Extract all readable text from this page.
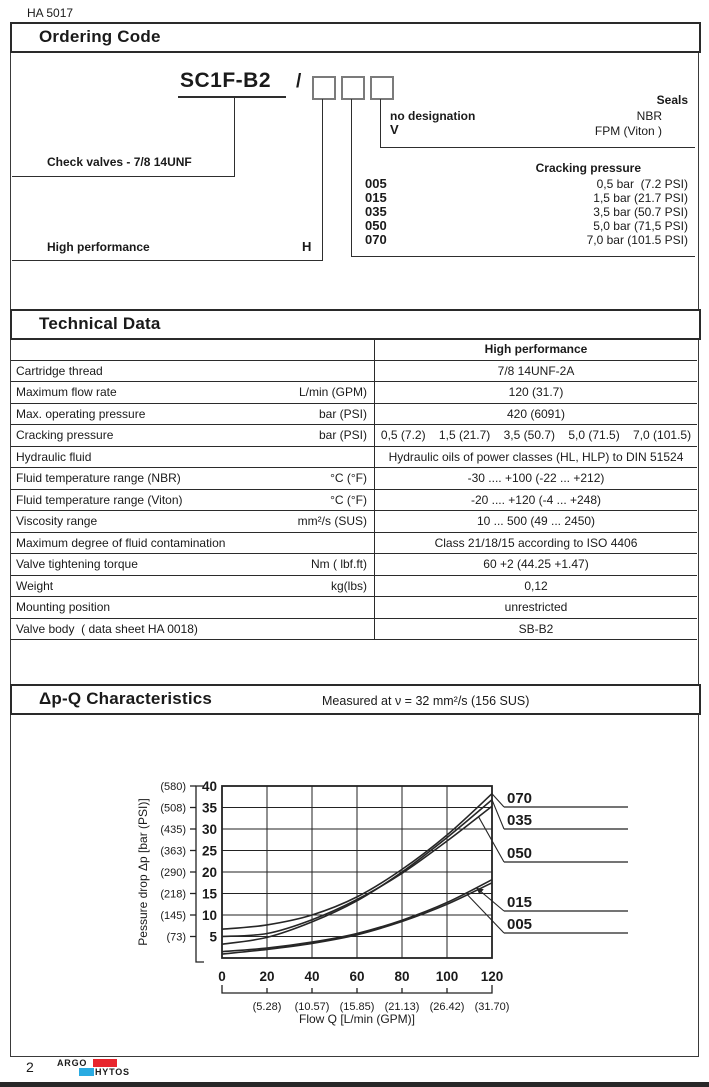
HA 5017
Ordering Code
SC1F-B2 /
Check valves - 7/8 14UNF
High performance	H
Seals
no designation	NBR
V	FPM (Viton )
Cracking pressure
005	0,5 bar  (7.2 PSI)
015	1,5 bar (21.7 PSI)
035	3,5 bar (50.7 PSI)
050	5,0 bar (71,5 PSI)
070	7,0 bar (101.5 PSI)
Technical Data
High performance
Cartridge thread	7/8 14UNF-2A
Maximum flow rate	L/min (GPM)	120 (31.7)
Max. operating pressure	bar (PSI)	420 (6091)
Cracking pressure	bar (PSI)	0,5 (7.2)    1,5 (21.7)    3,5 (50.7)    5,0 (71.5)    7,0 (101.5)
Hydraulic fluid	Hydraulic oils of power classes (HL, HLP) to DIN 51524
Fluid temperature range (NBR)	°C (°F)	-30 .... +100 (-22 ... +212)
Fluid temperature range (Viton)	°C (°F)	-20 .... +120 (-4 ... +248)
Viscosity range	mm²/s (SUS)	10 ... 500 (49 ... 2450)
Maximum degree of fluid contamination	Class 21/18/15 according to ISO 4406
Valve tightening torque	Nm ( lbf.ft)	60 +2 (44.25 +1.47)
Weight	kg(lbs)	0,12
Mounting position	unrestricted
Valve body  ( data sheet HA 0018)	SB-B2
Δp-Q Characteristics	Measured at ν = 32 mm²/s (156 SUS)
5
(73)
10
(145)
15
(218)
20
(290)
25
(363)
30
(435)
35
(508)
40
(580)
Pessure drop Δp [bar (PSI)]
0 20 40 60 80 100 120
(5.28) (10.57) (15.85) (21.13) (26.42) (31.70)
Flow Q [L/min (GPM)]
070
035
050
015
005
2	ARGO
HYTOS
